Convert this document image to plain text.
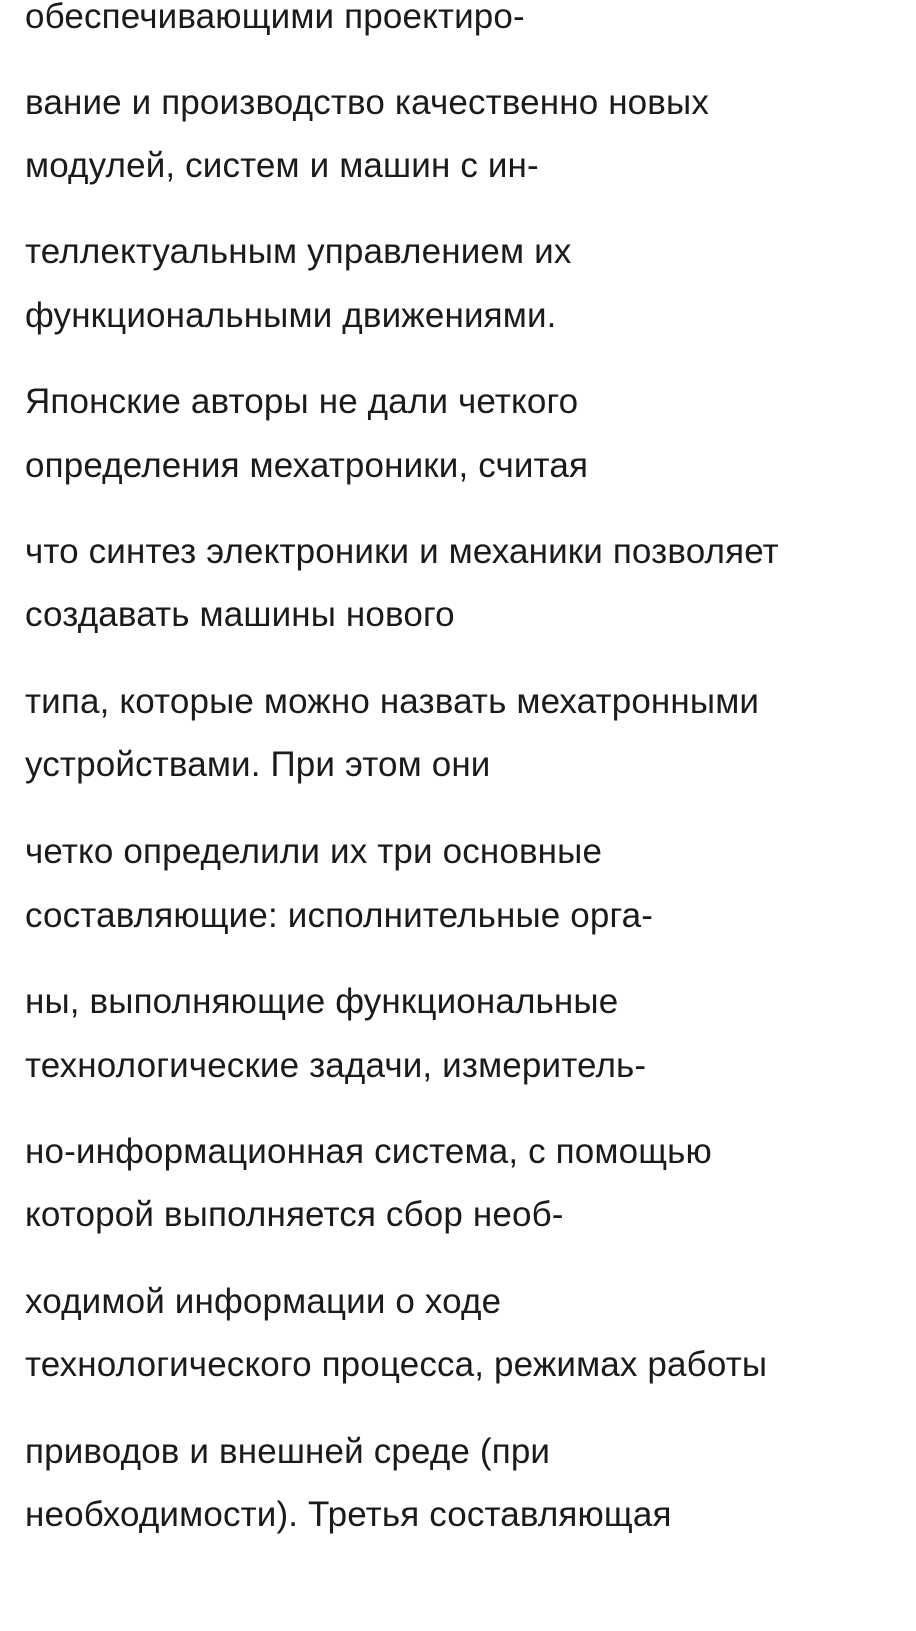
обеспечивающими проектиро-
вание и производство качественно новых
модулей, систем и машин с ин-
теллектуальным управлением их
функциональными движениями.
Японские авторы не дали четкого
определения мехатроники, считая
что синтез электроники и механики позволяет
создавать машины нового
типа, которые можно назвать мехатронными
устройствами. При этом они
четко определили их три основные
составляющие: исполнительные орга-
ны, выполняющие функциональные
технологические задачи, измеритель-
но-информационная система, с помощью
которой выполняется сбор необ-
ходимой информации о ходе
технологического процесса, режимах работы
приводов и внешней среде (при
необходимости). Третья составляющая
